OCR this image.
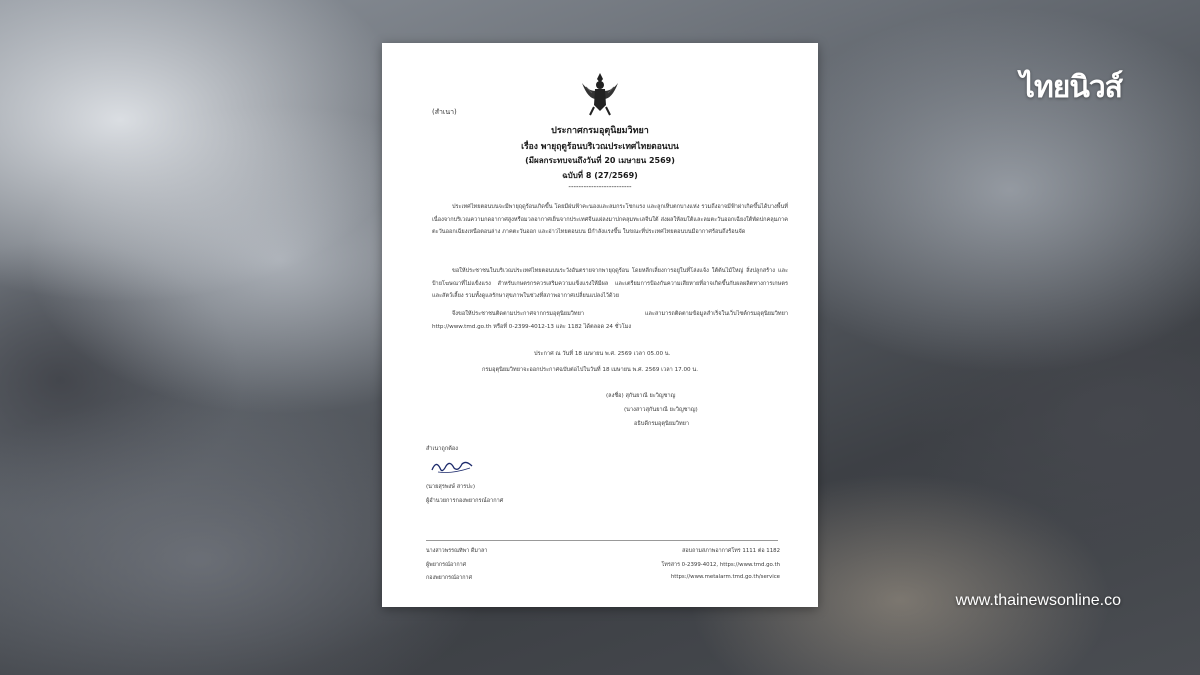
ไทยนิวส์
(สำเนา)
ประกาศกรมอุตุนิยมวิทยา
เรื่อง พายุฤดูร้อนบริเวณประเทศไทยตอนบน
(มีผลกระทบจนถึงวันที่ 20 เมษายน 2569)
ฉบับที่ 8 (27/2569)
-------------------------
ประเทศไทยตอนบนจะมีพายุฤดูร้อนเกิดขึ้น โดยมีฝนฟ้าคะนองและลมกระโชกแรง และลูกเห็บตกบางแห่ง รวมถึงอาจมีฟ้าผ่าเกิดขึ้นได้บางพื้นที่ เนื่องจากบริเวณความกดอากาศสูงหรือมวลอากาศเย็นจากประเทศจีนแผ่ลงมาปกคลุมทะเลจีนใต้ ส่งผลให้ลมใต้และลมตะวันออกเฉียงใต้พัดปกคลุมภาคตะวันออกเฉียงเหนือตอนล่าง ภาคตะวันออก และอ่าวไทยตอนบน มีกำลังแรงขึ้น ในขณะที่ประเทศไทยตอนบนมีอากาศร้อนถึงร้อนจัด
ขอให้ประชาชนในบริเวณประเทศไทยตอนบนระวังอันตรายจากพายุฤดูร้อน โดยหลีกเลี่ยงการอยู่ในที่โล่งแจ้ง ใต้ต้นไม้ใหญ่ สิ่งปลูกสร้าง และป้ายโฆษณาที่ไม่แข็งแรง สำหรับเกษตรกรควรเสริมความแข็งแรงให้มีผล และเตรียมการป้องกันความเสียหายที่อาจเกิดขึ้นกับผลผลิตทางการเกษตรและสัตว์เลี้ยง รวมทั้งดูแลรักษาสุขภาพในช่วงที่สภาพอากาศเปลี่ยนแปลงไว้ด้วย
จึงขอให้ประชาชนติดตามประกาศจากกรมอุตุนิยมวิทยา และสามารถติดตามข้อมูลสำเร็จในเว็บไซต์กรมอุตุนิยมวิทยา http://www.tmd.go.th หรือที่ 0-2399-4012-13 และ 1182 ได้ตลอด 24 ชั่วโมง
ประกาศ ณ วันที่ 18 เมษายน พ.ศ. 2569 เวลา 05.00 น.
กรมอุตุนิยมวิทยาจะออกประกาศฉบับต่อไปในวันที่ 18 เมษายน พ.ศ. 2569 เวลา 17.00 น.
(ลงชื่อ) สุกันยาณี ยะวิญชาญ
(นางสาวสุกันยาณี ยะวิญชาญ)
อธิบดีกรมอุตุนิยมวิทยา
สำเนาถูกต้อง
(นายสุรพงษ์ สารปะ)
ผู้อำนวยการกองพยากรณ์อากาศ
นางสาวพรรณทิพา ดีมาลา
ผู้พยากรณ์อากาศ
กองพยากรณ์อากาศ
สอบถามสภาพอากาศโทร 1111 ต่อ 1182
โทรสาร 0-2399-4012, https://www.tmd.go.th
https://www.metalarm.tmd.go.th/service
www.thainewsonline.co
